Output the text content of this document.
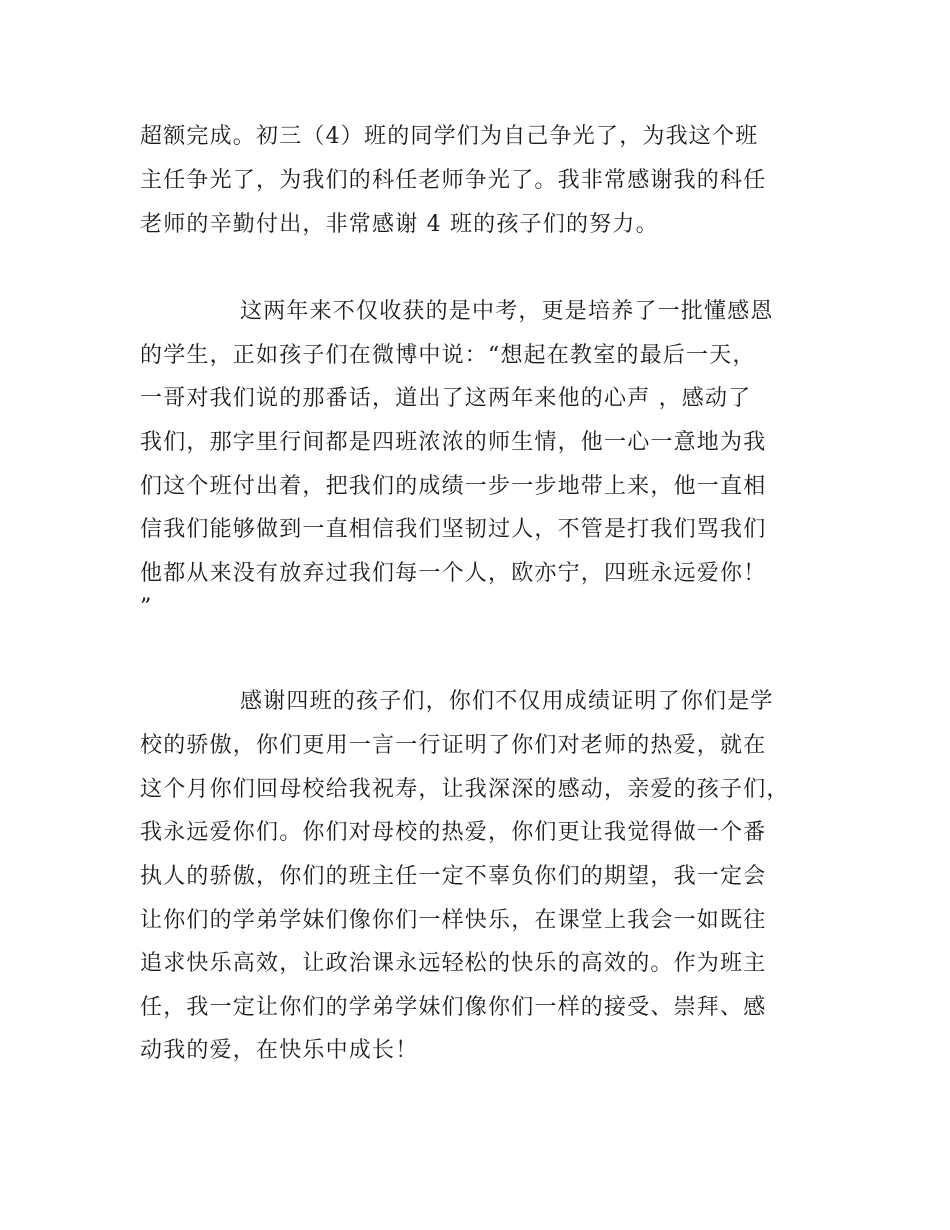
超额完成。初三（4）班的同学们为自己争光了，为我这个班

主任争光了，为我们的科任老师争光了。我非常感谢我的科任

老师的辛勤付出，非常感谢 4 班的孩子们的努力。

这两年来不仅收获的是中考，更是培养了一批懂感恩

的学生，正如孩子们在微博中说：“想起在教室的最后一天，

一哥对我们说的那番话，道出了这两年来他的心声 ，感动了

我们，那字里行间都是四班浓浓的师生情，他一心一意地为我

们这个班付出着，把我们的成绩一步一步地带上来，他一直相

信我们能够做到一直相信我们坚韧过人，不管是打我们骂我们

他都从来没有放弃过我们每一个人，欧亦宁，四班永远爱你！

”

感谢四班的孩子们，你们不仅用成绩证明了你们是学

校的骄傲，你们更用一言一行证明了你们对老师的热爱，就在

这个月你们回母校给我祝寿，让我深深的感动，亲爱的孩子们，

我永远爱你们。你们对母校的热爱，你们更让我觉得做一个番

执人的骄傲，你们的班主任一定不辜负你们的期望，我一定会

让你们的学弟学妹们像你们一样快乐，在课堂上我会一如既往

追求快乐高效，让政治课永远轻松的快乐的高效的。作为班主

任，我一定让你们的学弟学妹们像你们一样的接受、崇拜、感

动我的爱，在快乐中成长！
